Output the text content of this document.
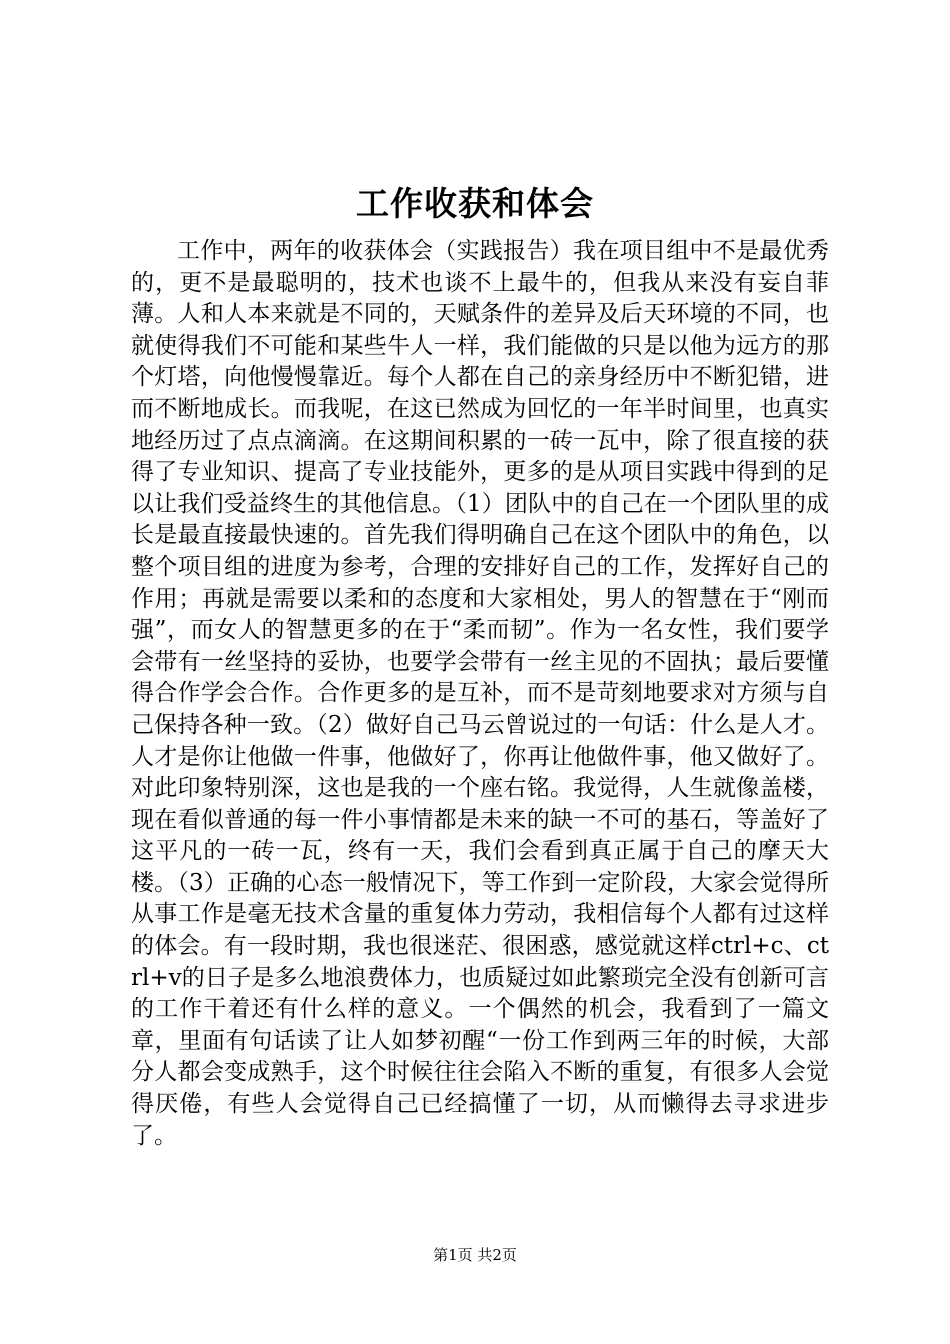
工作收获和体会

工作中，两年的收获体会（实践报告）我在项目组中不是最优秀的，更不是最聪明的，技术也谈不上最牛的，但我从来没有妄自菲薄。人和人本来就是不同的，天赋条件的差异及后天环境的不同，也就使得我们不可能和某些牛人一样，我们能做的只是以他为远方的那个灯塔，向他慢慢靠近。每个人都在自己的亲身经历中不断犯错，进而不断地成长。而我呢，在这已然成为回忆的一年半时间里，也真实地经历过了点点滴滴。在这期间积累的一砖一瓦中，除了很直接的获得了专业知识、提高了专业技能外，更多的是从项目实践中得到的足以让我们受益终生的其他信息。（1）团队中的自己在一个团队里的成长是最直接最快速的。首先我们得明确自己在这个团队中的角色，以整个项目组的进度为参考，合理的安排好自己的工作，发挥好自己的作用；再就是需要以柔和的态度和大家相处，男人的智慧在于“刚而强”，而女人的智慧更多的在于“柔而韧”。作为一名女性，我们要学会带有一丝坚持的妥协，也要学会带有一丝主见的不固执；最后要懂得合作学会合作。合作更多的是互补，而不是苛刻地要求对方须与自己保持各种一致。（2）做好自己马云曾说过的一句话：什么是人才。人才是你让他做一件事，他做好了，你再让他做件事，他又做好了。对此印象特别深，这也是我的一个座右铭。我觉得，人生就像盖楼，现在看似普通的每一件小事情都是未来的缺一不可的基石，等盖好了这平凡的一砖一瓦，终有一天，我们会看到真正属于自己的摩天大楼。（3）正确的心态一般情况下，等工作到一定阶段，大家会觉得所从事工作是毫无技术含量的重复体力劳动，我相信每个人都有过这样的体会。有一段时期，我也很迷茫、很困惑，感觉就这样ctrl+c、ctrl+v的日子是多么地浪费体力，也质疑过如此繁琐完全没有创新可言的工作干着还有什么样的意义。一个偶然的机会，我看到了一篇文章，里面有句话读了让人如梦初醒“一份工作到两三年的时候，大部分人都会变成熟手，这个时候往往会陷入不断的重复，有很多人会觉得厌倦，有些人会觉得自己已经搞懂了一切，从而懒得去寻求进步了。

第1页 共2页
